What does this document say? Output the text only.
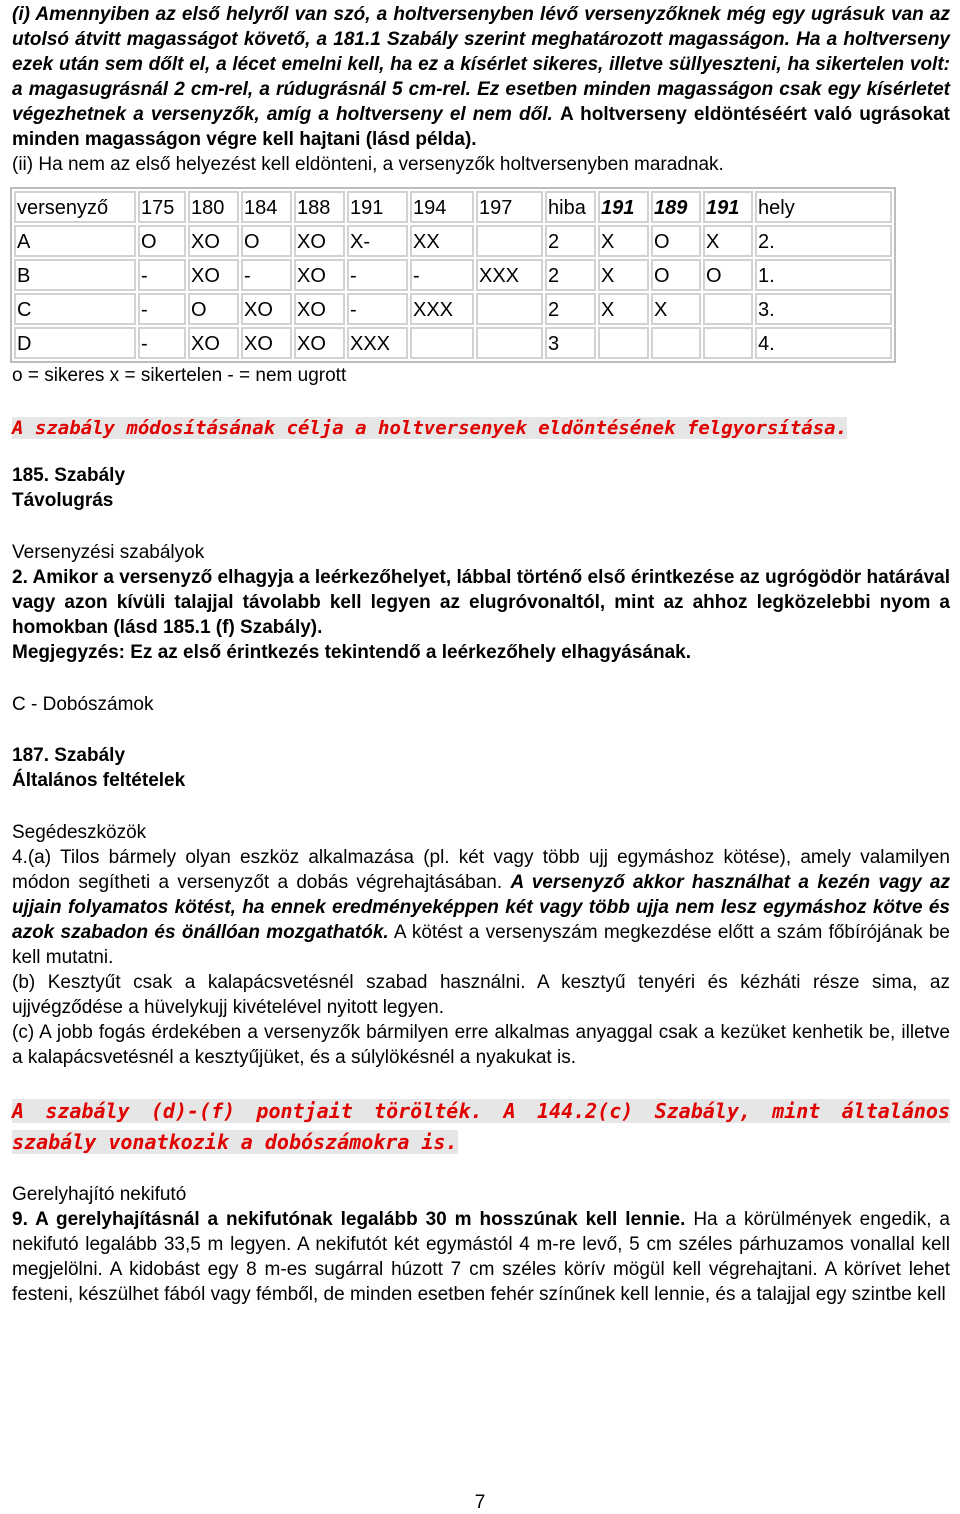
(i) Amennyiben az első helyről van szó, a holtversenyben lévő versenyzőknek még egy ugrásuk van az utolsó átvitt magasságot követő, a 181.1 Szabály szerint meghatározott magasságon. Ha a holtverseny ezek után sem dőlt el, a lécet emelni kell, ha ez a kísérlet sikeres, illetve süllyeszteni, ha sikertelen volt: a magasugrásnál 2 cm-rel, a rúdugrásnál 5 cm-rel. Ez esetben minden magasságon csak egy kísérletet végezhetnek a versenyzők, amíg a holtverseny el nem dől. A holtverseny eldöntéséért való ugrásokat minden magasságon végre kell hajtani (lásd példa).

(ii) Ha nem az első helyezést kell eldönteni, a versenyzők holtversenyben maradnak.

versenyző	175	180	184	188	191	194	197	hiba	191	189	191	hely
A	O	XO	O	XO	X-	XX		2	X	O	X	2.
B	-	XO	-	XO	-	-	XXX	2	X	O	O	1.
C	-	O	XO	XO	-	XXX		2	X	X		3.
D	-	XO	XO	XO	XXX			3				4.

o = sikeres x = sikertelen - = nem ugrott

A szabály módosításának célja a holtversenyek eldöntésének felgyorsítása.

185. Szabály

Távolugrás

Versenyzési szabályok

2. Amikor a versenyző elhagyja a leérkezőhelyet, lábbal történő első érintkezése az ugrógödör határával vagy azon kívüli talajjal távolabb kell legyen az elugróvonaltól, mint az ahhoz legközelebbi nyom a homokban (lásd 185.1 (f) Szabály).

Megjegyzés: Ez az első érintkezés tekintendő a leérkezőhely elhagyásának.

C - Dobószámok

187. Szabály

Általános feltételek

Segédeszközök

4.(a) Tilos bármely olyan eszköz alkalmazása (pl. két vagy több ujj egymáshoz kötése), amely valamilyen módon segítheti a versenyzőt a dobás végrehajtásában. A versenyző akkor használhat a kezén vagy az ujjain folyamatos kötést, ha ennek eredményeképpen két vagy több ujja nem lesz egymáshoz kötve és azok szabadon és önállóan mozgathatók. A kötést a versenyszám megkezdése előtt a szám főbírójának be kell mutatni.

(b) Kesztyűt csak a kalapácsvetésnél szabad használni. A kesztyű tenyéri és kézháti része sima, az ujjvégződése a hüvelykujj kivételével nyitott legyen.

(c) A jobb fogás érdekében a versenyzők bármilyen erre alkalmas anyaggal csak a kezüket kenhetik be, illetve a kalapácsvetésnél a kesztyűjüket, és a súlylökésnél a nyakukat is.

A szabály (d)-(f) pontjait törölték. A 144.2(c) Szabály, mint általános szabály vonatkozik a dobószámokra is.

Gerelyhajító nekifutó

9. A gerelyhajításnál a nekifutónak legalább 30 m hosszúnak kell lennie. Ha a körülmények engedik, a nekifutó legalább 33,5 m legyen. A nekifutót két egymástól 4 m-re levő, 5 cm széles párhuzamos vonallal kell megjelölni. A kidobást egy 8 m-es sugárral húzott 7 cm széles körív mögül kell végrehajtani. A körívet lehet festeni, készülhet fából vagy fémből, de minden esetben fehér színűnek kell lennie, és a talajjal egy szintbe kell

7
